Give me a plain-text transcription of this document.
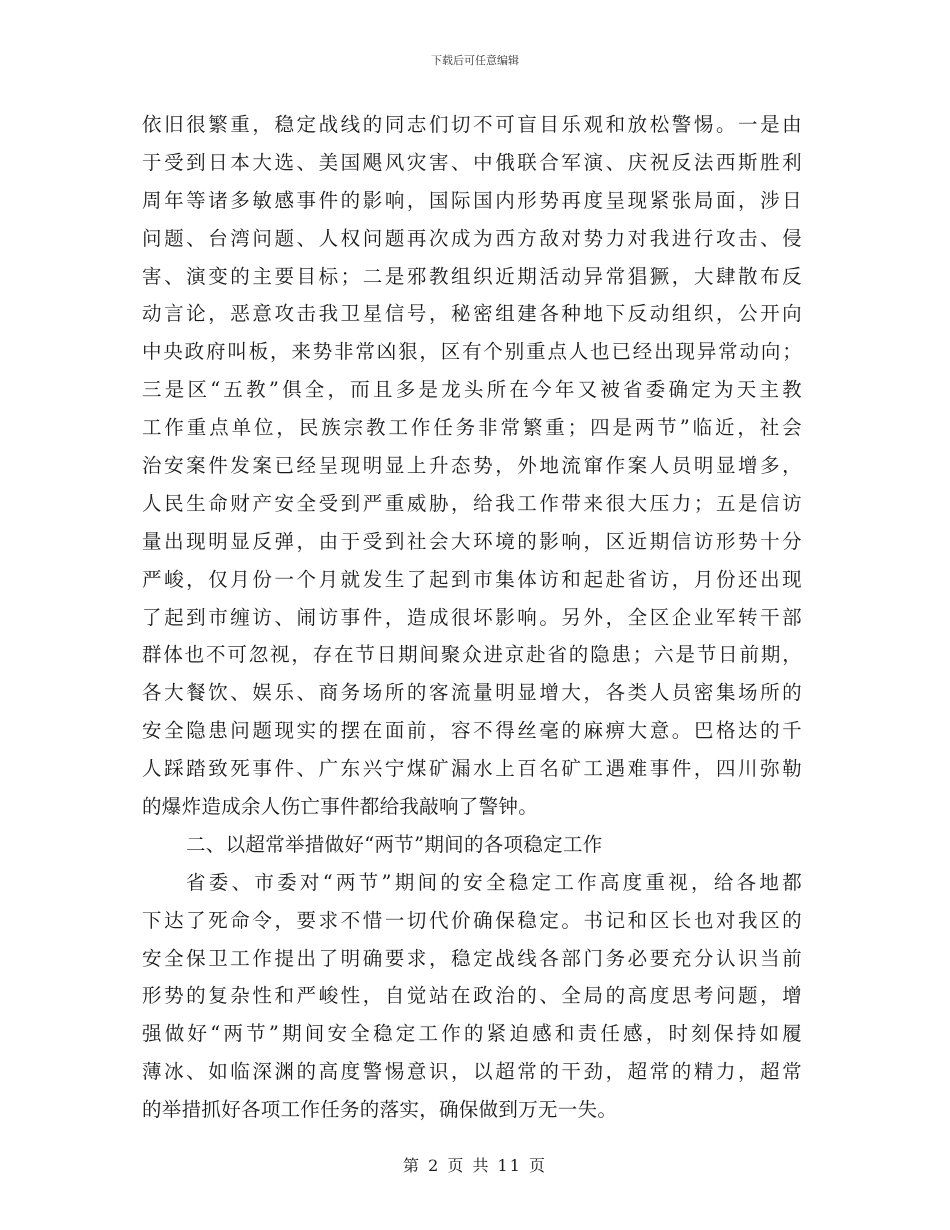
下载后可任意编辑
依旧很繁重，稳定战线的同志们切不可盲目乐观和放松警惕。一是由
于受到日本大选、美国飓风灾害、中俄联合军演、庆祝反法西斯胜利
周年等诸多敏感事件的影响，国际国内形势再度呈现紧张局面，涉日
问题、台湾问题、人权问题再次成为西方敌对势力对我进行攻击、侵
害、演变的主要目标；二是邪教组织近期活动异常猖獗，大肆散布反
动言论，恶意攻击我卫星信号，秘密组建各种地下反动组织，公开向
中央政府叫板，来势非常凶狠，区有个别重点人也已经出现异常动向；
三是区“五教”俱全，而且多是龙头所在今年又被省委确定为天主教
工作重点单位，民族宗教工作任务非常繁重；四是两节”临近，社会
治安案件发案已经呈现明显上升态势，外地流窜作案人员明显增多，
人民生命财产安全受到严重威胁，给我工作带来很大压力；五是信访
量出现明显反弹，由于受到社会大环境的影响，区近期信访形势十分
严峻，仅月份一个月就发生了起到市集体访和起赴省访，月份还出现
了起到市缠访、闹访事件，造成很坏影响。另外，全区企业军转干部
群体也不可忽视，存在节日期间聚众进京赴省的隐患；六是节日前期，
各大餐饮、娱乐、商务场所的客流量明显增大，各类人员密集场所的
安全隐患问题现实的摆在面前，容不得丝毫的麻痹大意。巴格达的千
人踩踏致死事件、广东兴宁煤矿漏水上百名矿工遇难事件，四川弥勒
的爆炸造成余人伤亡事件都给我敲响了警钟。
二、以超常举措做好“两节”期间的各项稳定工作
省委、市委对“两节”期间的安全稳定工作高度重视，给各地都
下达了死命令，要求不惜一切代价确保稳定。书记和区长也对我区的
安全保卫工作提出了明确要求，稳定战线各部门务必要充分认识当前
形势的复杂性和严峻性，自觉站在政治的、全局的高度思考问题，增
强做好“两节”期间安全稳定工作的紧迫感和责任感，时刻保持如履
薄冰、如临深渊的高度警惕意识，以超常的干劲，超常的精力，超常
的举措抓好各项工作任务的落实，确保做到万无一失。
第 2 页 共 11 页
